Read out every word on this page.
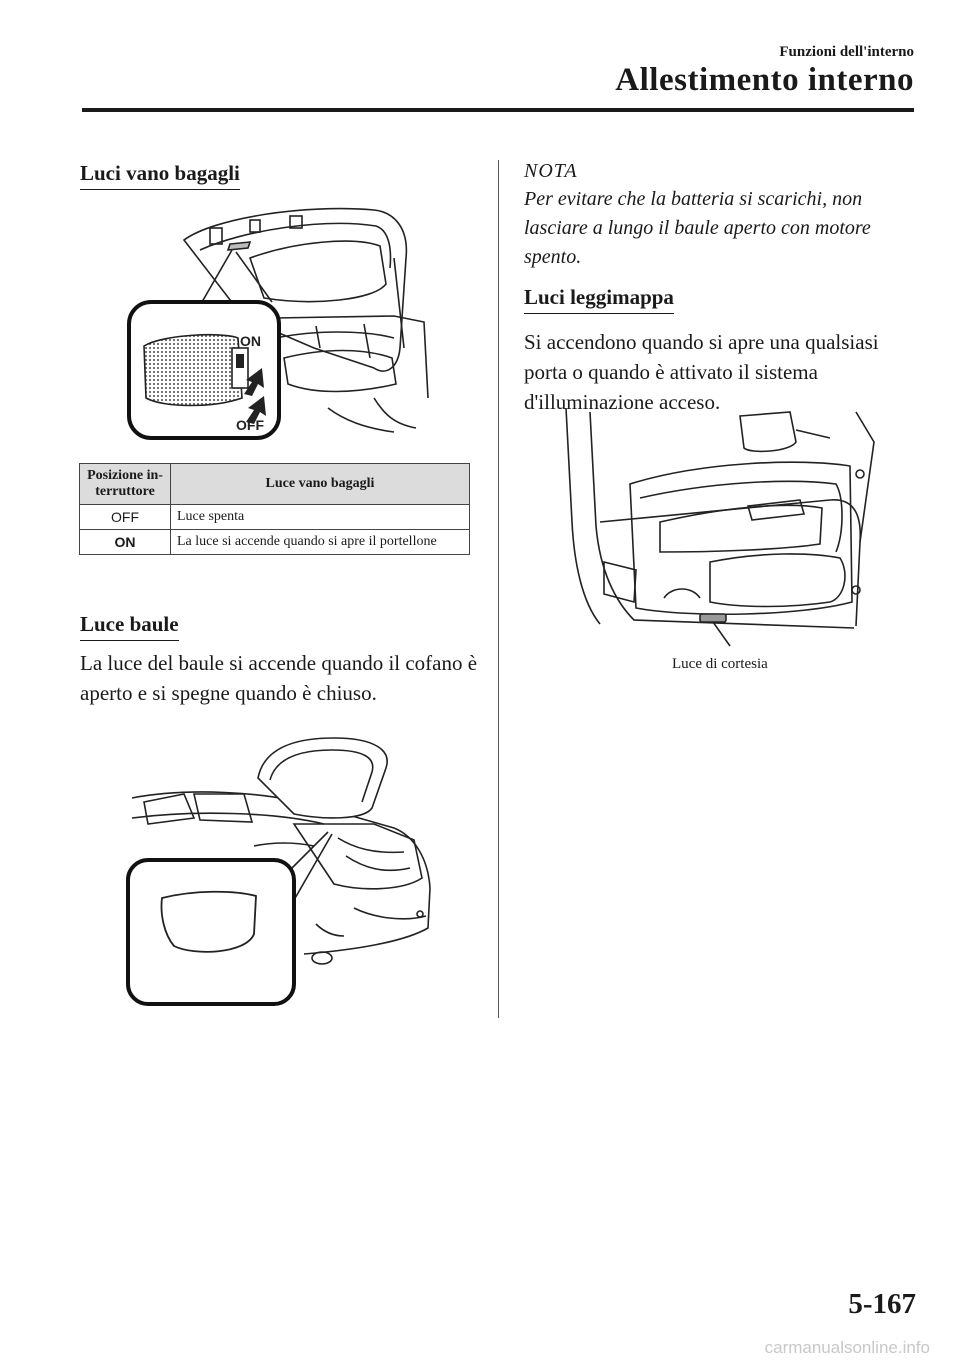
Funzioni dell'interno
Allestimento interno
Luci vano bagagli
ON
OFF
Posizione in-terruttore	Luce vano bagagli
OFF	Luce spenta
ON	La luce si accende quando si apre il portellone
Luce baule
La luce del baule si accende quando il cofano è aperto e si spegne quando è chiuso.
NOTA
Per evitare che la batteria si scarichi, non lasciare a lungo il baule aperto con motore spento.
Luci leggimappa
Si accendono quando si apre una qualsiasi porta o quando è attivato il sistema d'illuminazione acceso.
Luce di cortesia
5-167
carmanualsonline.info
